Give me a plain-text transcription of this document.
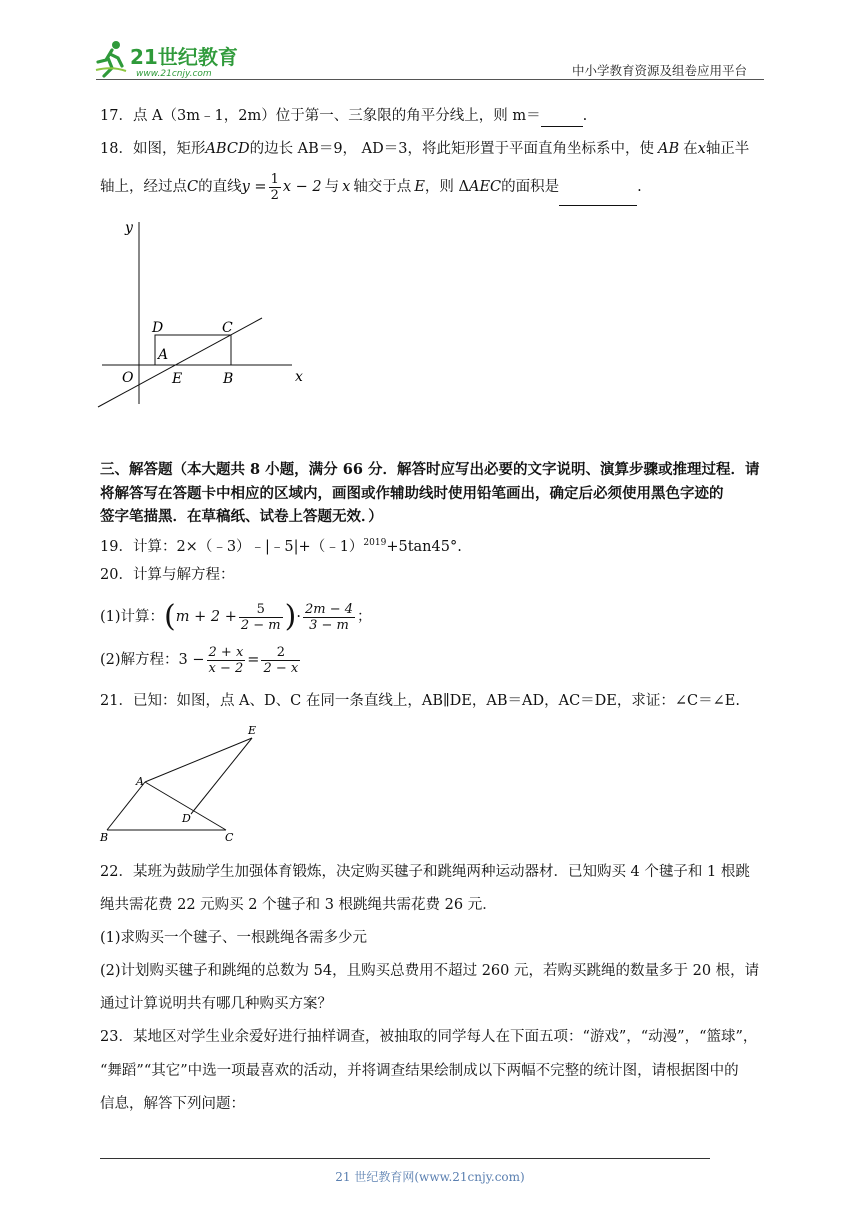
21世纪教育
www.21cnjy.com	中小学教育资源及组卷应用平台
17．点 A（3m﹣1，2m）位于第一、三象限的角平分线上，则 m＝	.
18．如图，矩形ABCD的边长 AB＝9， AD＝3，将此矩形置于平面直角坐标系中，使 AB 在x轴正半
轴上，经过点C的直线$y = \frac{1}{2}$ x − 2 与 x 轴交于点 E，则 ΔAEC的面积是	.
y
x
O	E	B
A
D	C
三、解答题（本大题共 8 小题，满分 66 分．解答时应写出必要的文字说明、演算步骤或推理过程．请
将解答写在答题卡中相应的区域内，画图或作辅助线时使用铅笔画出，确定后必须使用黑色字迹的
签字笔描黑．在草稿纸、试卷上答题无效．）
19．计算：2×（﹣3）﹣|﹣5|+（﹣1）$^{2019}$+5tan45°.
20．计算与解方程：
(1)计算：($m + 2 + \frac{5}{2 - m}$ )· $\frac{2m - 4}{3 - m}$ ；
(2)解方程：$3 - \frac{2 + x}{x - 2} = \frac{2}{2 - x}$
21．已知：如图，点 A、D、C 在同一条直线上，AB∥DE，AB＝AD，AC＝DE，求证：∠C＝∠E.
E
A
D
B	C
22．某班为鼓励学生加强体育锻炼，决定购买毽子和跳绳两种运动器材．已知购买 4 个毽子和 1 根跳
绳共需花费 22 元购买 2 个毽子和 3 根跳绳共需花费 26 元．
(1)求购买一个毽子、一根跳绳各需多少元
(2)计划购买毽子和跳绳的总数为 54，且购买总费用不超过 260 元，若购买跳绳的数量多于 20 根，请
通过计算说明共有哪几种购买方案？
23．某地区对学生业余爱好进行抽样调查，被抽取的同学每人在下面五项：“游戏”，“动漫”，“篮球”，
“舞蹈”“其它”中选一项最喜欢的活动，并将调查结果绘制成以下两幅不完整的统计图，请根据图中的
信息，解答下列问题：
21 世纪教育网(www.21cnjy.com)
